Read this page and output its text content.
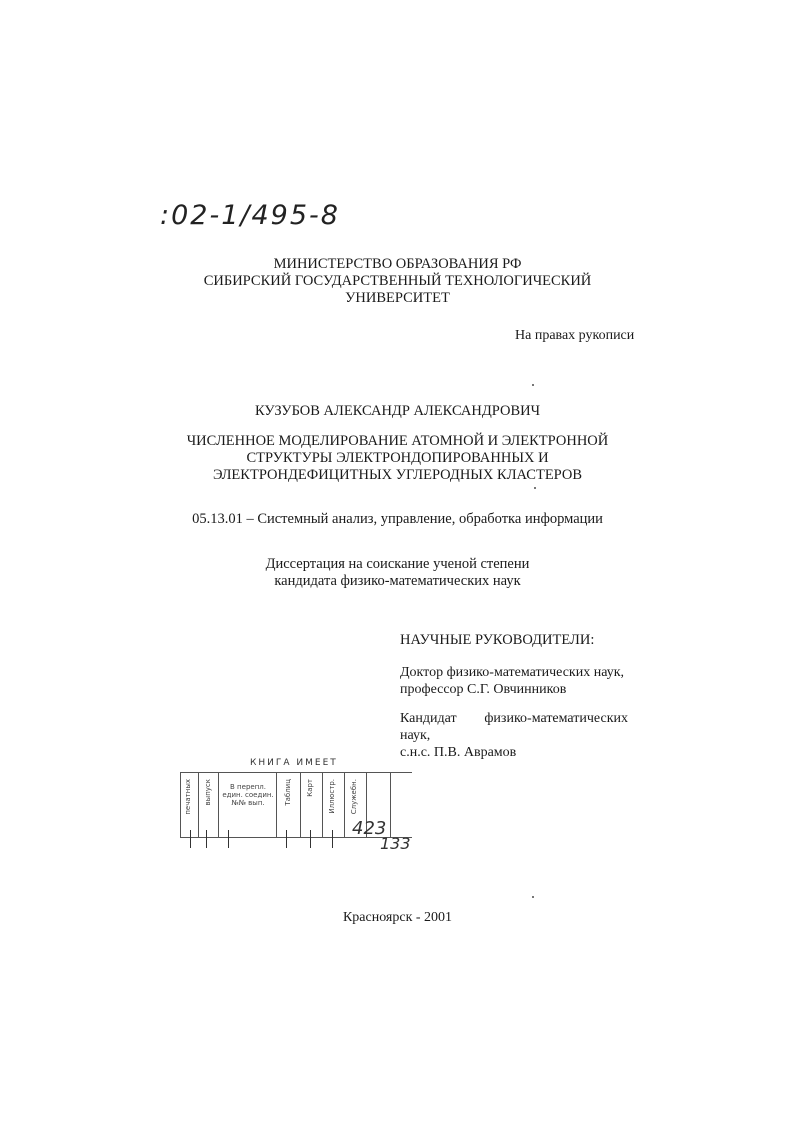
:02-1/495-8
МИНИСТЕРСТВО ОБРАЗОВАНИЯ РФ
СИБИРСКИЙ ГОСУДАРСТВЕННЫЙ ТЕХНОЛОГИЧЕСКИЙ
УНИВЕРСИТЕТ
На правах рукописи
КУЗУБОВ АЛЕКСАНДР АЛЕКСАНДРОВИЧ
ЧИСЛЕННОЕ МОДЕЛИРОВАНИЕ АТОМНОЙ И ЭЛЕКТРОННОЙ
СТРУКТУРЫ ЭЛЕКТРОНДОПИРОВАННЫХ И
ЭЛЕКТРОНДЕФИЦИТНЫХ УГЛЕРОДНЫХ КЛАСТЕРОВ
05.13.01 – Системный анализ, управление, обработка информации
Диссертация на соискание ученой степени
кандидата физико-математических наук
НАУЧНЫЕ РУКОВОДИТЕЛИ:
Доктор физико-математических наук,
профессор С.Г. Овчинников
Кандидат физико-математических наук,
с.н.с. П.В. Аврамов
КНИГА ИМЕЕТ
печатных выпуск	В перепл. един. соедин. №№ вып.	Таблиц Карт Иллюстр. Служебн.
423
133
Красноярск - 2001
